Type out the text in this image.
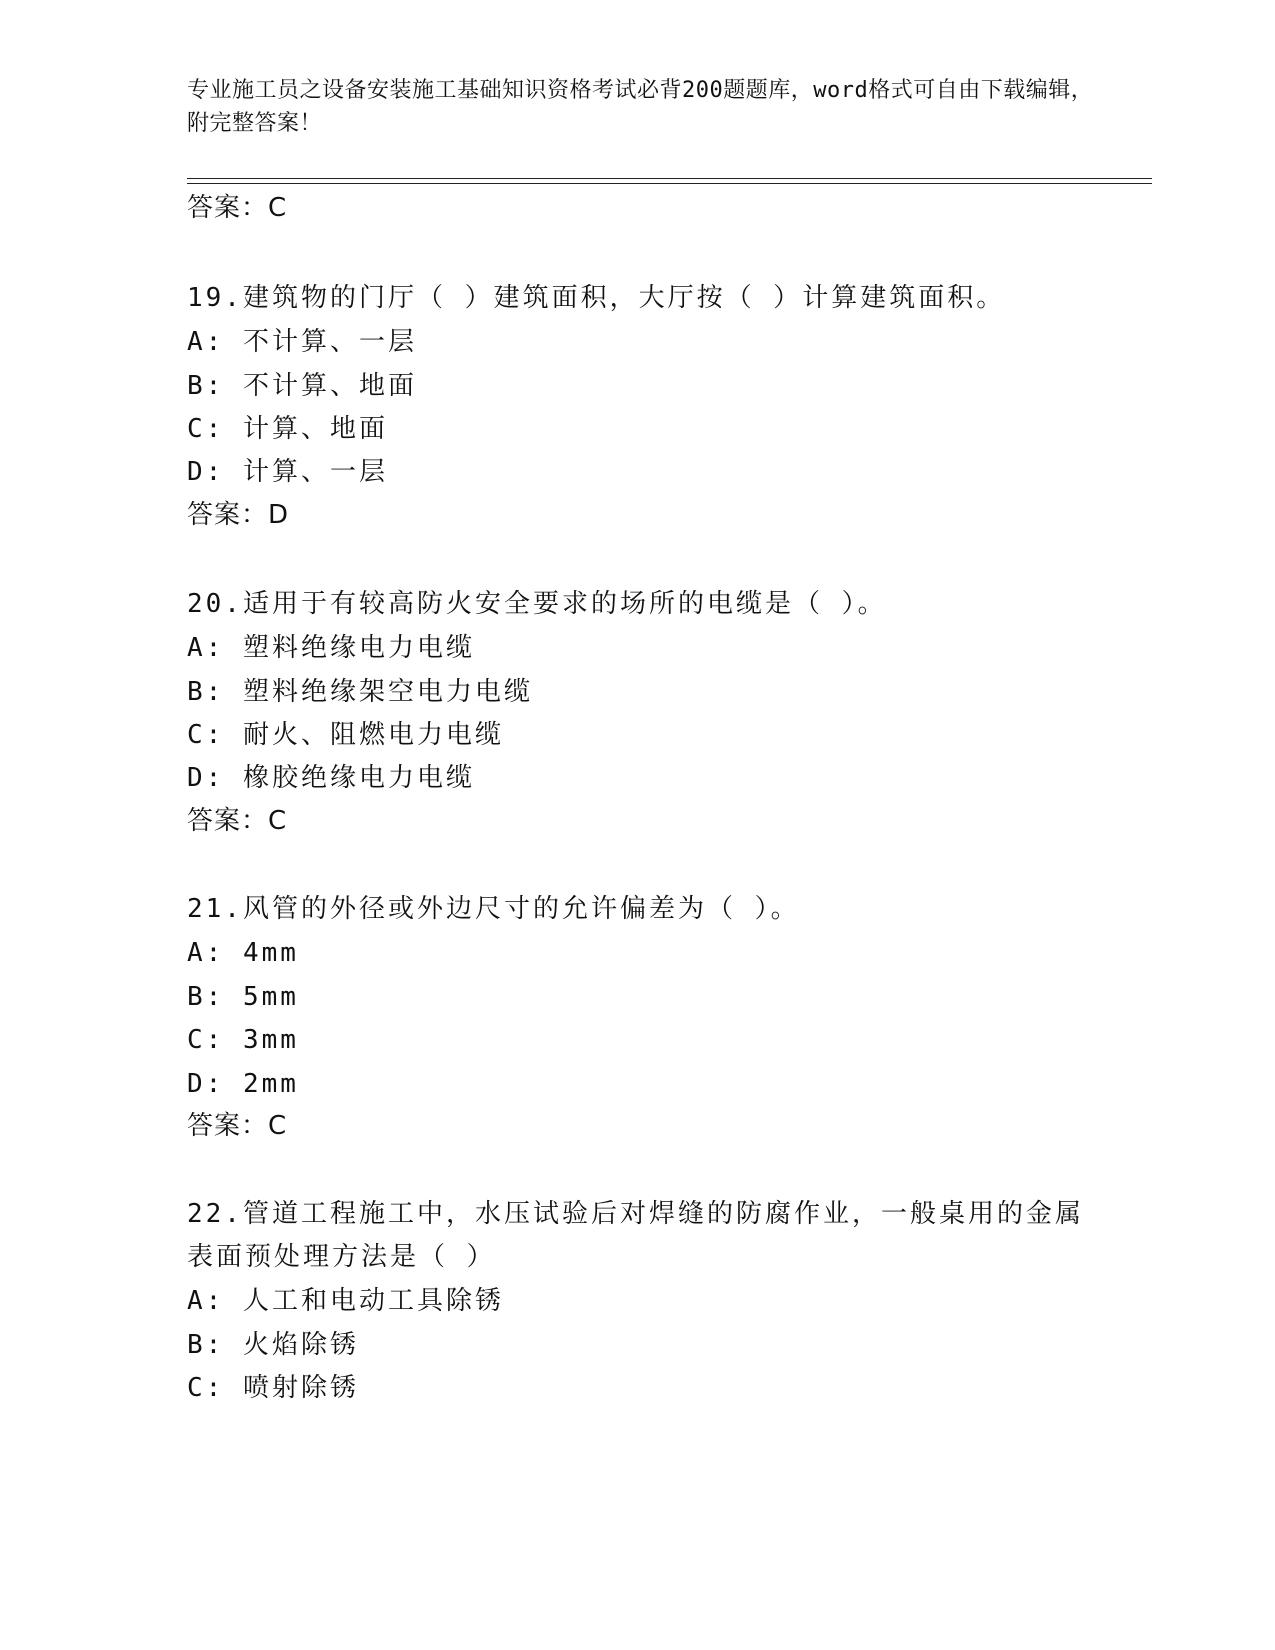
专业施工员之设备安装施工基础知识资格考试必背200题题库，word格式可自由下载编辑，附完整答案！
答案：C
19.建筑物的门厅（ ）建筑面积，大厅按（ ）计算建筑面积。
A: 不计算、一层
B: 不计算、地面
C: 计算、地面
D: 计算、一层
答案：D
20.适用于有较高防火安全要求的场所的电缆是（ ）。
A: 塑料绝缘电力电缆
B: 塑料绝缘架空电力电缆
C: 耐火、阻燃电力电缆
D: 橡胶绝缘电力电缆
答案：C
21.风管的外径或外边尺寸的允许偏差为（ ）。
A: 4mm
B: 5mm
C: 3mm
D: 2mm
答案：C
22.管道工程施工中，水压试验后对焊缝的防腐作业，一般桌用的金属
表面预处理方法是（ ）
A: 人工和电动工具除锈
B: 火焰除锈
C: 喷射除锈
